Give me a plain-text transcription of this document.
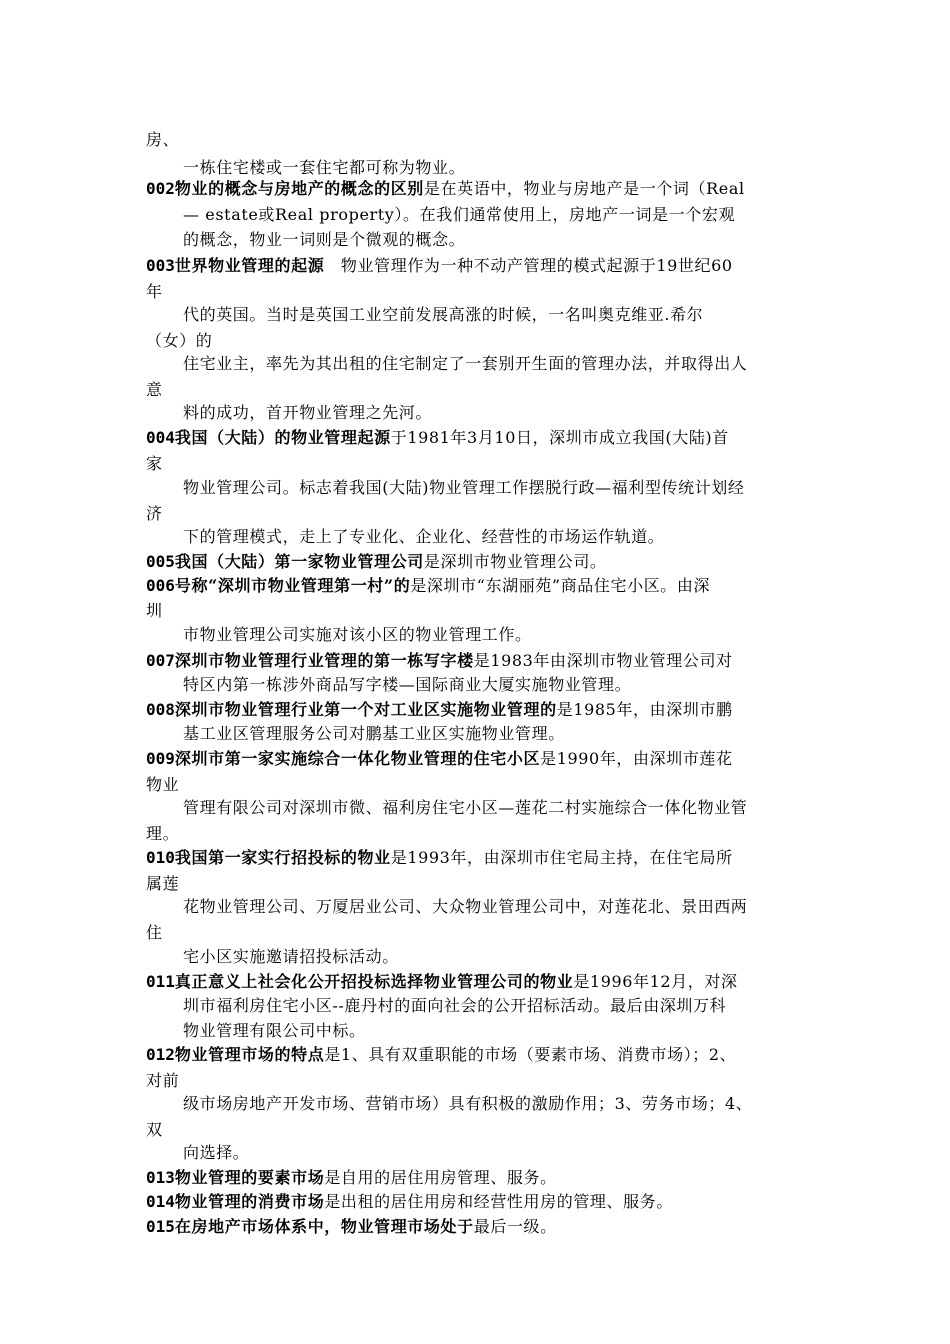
房、
一栋住宅楼或一套住宅都可称为物业。
002物业的概念与房地产的概念的区别是在英语中，物业与房地产是一个词（Real
— estate或Real property）。在我们通常使用上，房地产一词是一个宏观
的概念，物业一词则是个微观的概念。
003世界物业管理的起源　物业管理作为一种不动产管理的模式起源于19世纪60
年
代的英国。当时是英国工业空前发展高涨的时候，一名叫奥克维亚.希尔
（女）的
住宅业主，率先为其出租的住宅制定了一套别开生面的管理办法，并取得出人
意
料的成功，首开物业管理之先河。
004我国（大陆）的物业管理起源于1981年3月10日，深圳市成立我国(大陆)首
家
物业管理公司。标志着我国(大陆)物业管理工作摆脱行政—福利型传统计划经
济
下的管理模式，走上了专业化、企业化、经营性的市场运作轨道。
005我国（大陆）第一家物业管理公司是深圳市物业管理公司。
006号称“深圳市物业管理第一村”的是深圳市“东湖丽苑”商品住宅小区。由深
圳
市物业管理公司实施对该小区的物业管理工作。
007深圳市物业管理行业管理的第一栋写字楼是1983年由深圳市物业管理公司对
特区内第一栋涉外商品写字楼—国际商业大厦实施物业管理。
008深圳市物业管理行业第一个对工业区实施物业管理的是1985年，由深圳市鹏
基工业区管理服务公司对鹏基工业区实施物业管理。
009深圳市第一家实施综合一体化物业管理的住宅小区是1990年，由深圳市莲花
物业
管理有限公司对深圳市微、福利房住宅小区—莲花二村实施综合一体化物业管
理。
010我国第一家实行招投标的物业是1993年，由深圳市住宅局主持，在住宅局所
属莲
花物业管理公司、万厦居业公司、大众物业管理公司中，对莲花北、景田西两
住
宅小区实施邀请招投标活动。
011真正意义上社会化公开招投标选择物业管理公司的物业是1996年12月，对深
圳市福利房住宅小区--鹿丹村的面向社会的公开招标活动。最后由深圳万科
物业管理有限公司中标。
012物业管理市场的特点是1、具有双重职能的市场（要素市场、消费市场）；2、
对前
级市场房地产开发市场、营销市场）具有积极的激励作用；3、劳务市场；4、
双
向选择。
013物业管理的要素市场是自用的居住用房管理、服务。
014物业管理的消费市场是出租的居住用房和经营性用房的管理、服务。
015在房地产市场体系中，物业管理市场处于最后一级。
